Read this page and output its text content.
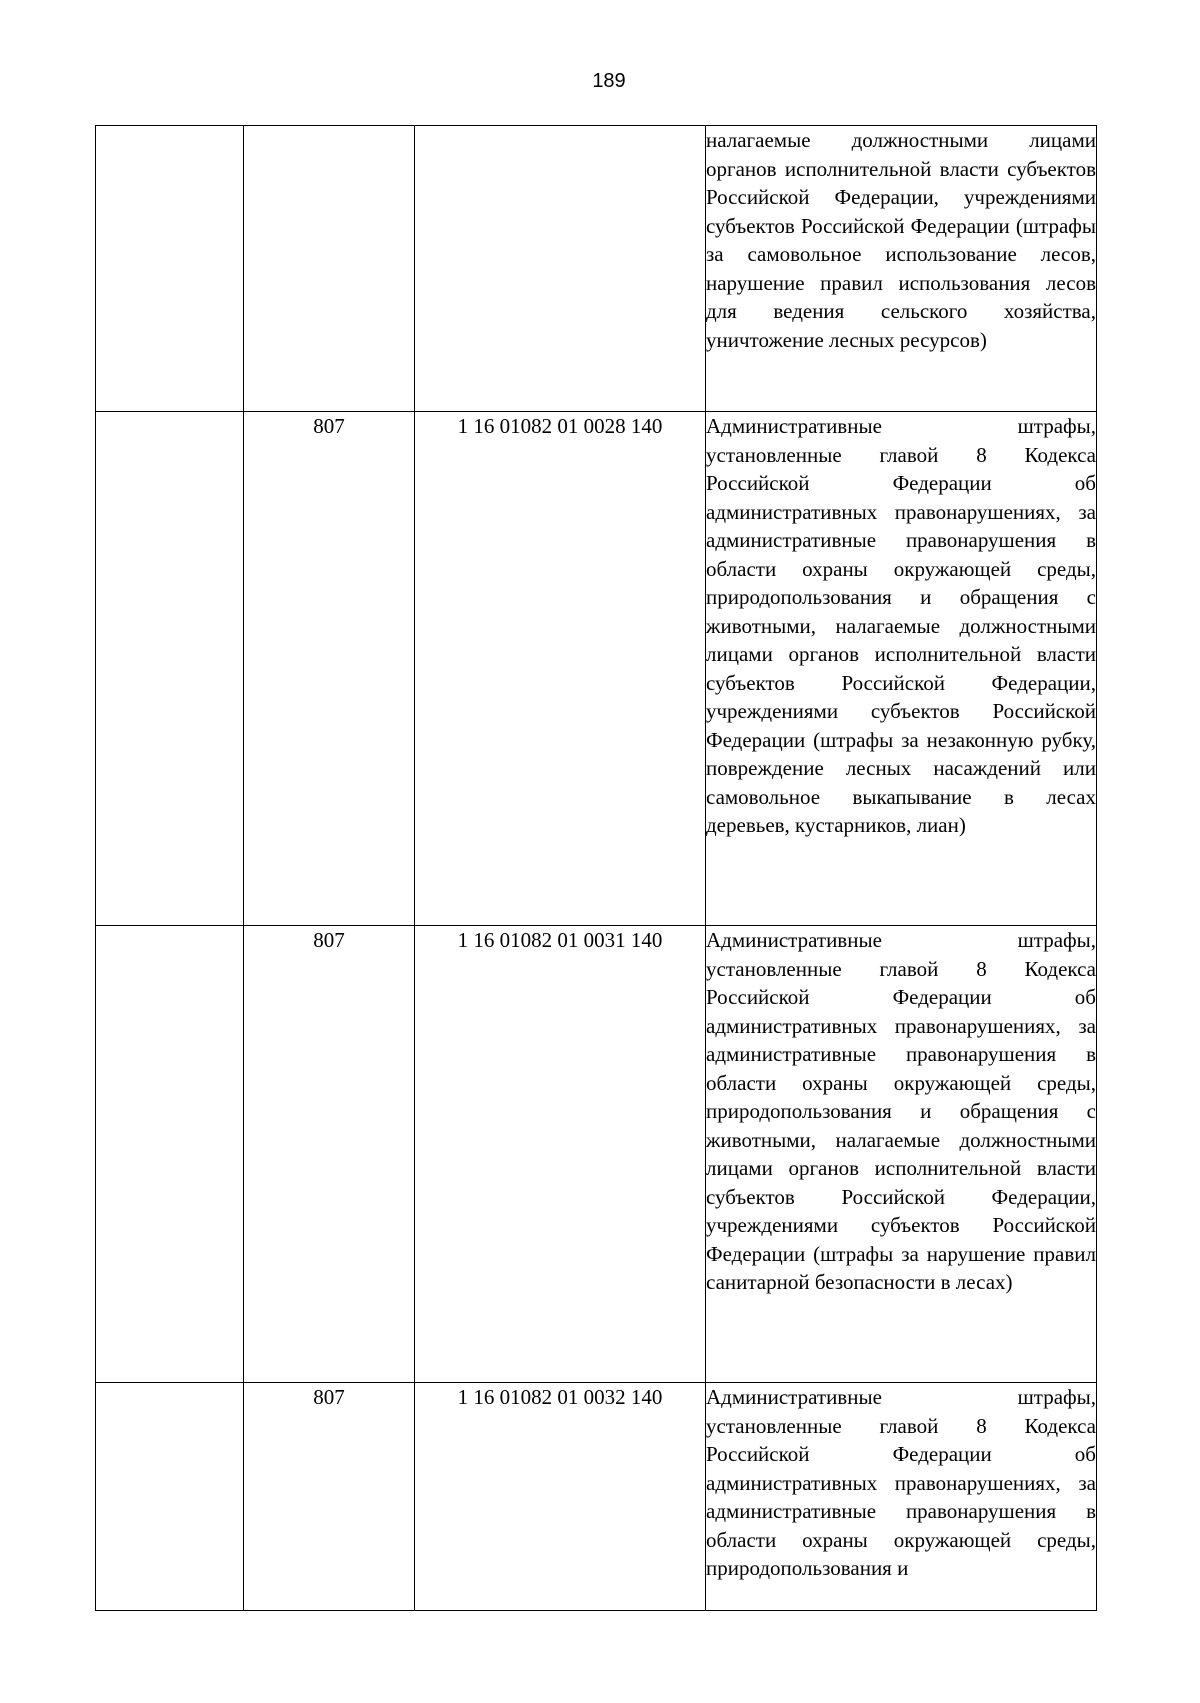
189

			налагаемые должностными лицами органов исполнительной власти субъектов Российской Федерации, учреждениями субъектов Российской Федерации (штрафы за самовольное использование лесов, нарушение правил использования лесов для ведения сельского хозяйства, уничтожение лесных ресурсов)

	807	1 16 01082 01 0028 140	Административные штрафы, установленные главой 8 Кодекса Российской Федерации об административных правонарушениях, за административные правонарушения в области охраны окружающей среды, природопользования и обращения с животными, налагаемые должностными лицами органов исполнительной власти субъектов Российской Федерации, учреждениями субъектов Российской Федерации (штрафы за незаконную рубку, повреждение лесных насаждений или самовольное выкапывание в лесах деревьев, кустарников, лиан)

	807	1 16 01082 01 0031 140	Административные штрафы, установленные главой 8 Кодекса Российской Федерации об административных правонарушениях, за административные правонарушения в области охраны окружающей среды, природопользования и обращения с животными, налагаемые должностными лицами органов исполнительной власти субъектов Российской Федерации, учреждениями субъектов Российской Федерации (штрафы за нарушение правил санитарной безопасности в лесах)

	807	1 16 01082 01 0032 140	Административные штрафы, установленные главой 8 Кодекса Российской Федерации об административных правонарушениях, за административные правонарушения в области охраны окружающей среды, природопользования и
